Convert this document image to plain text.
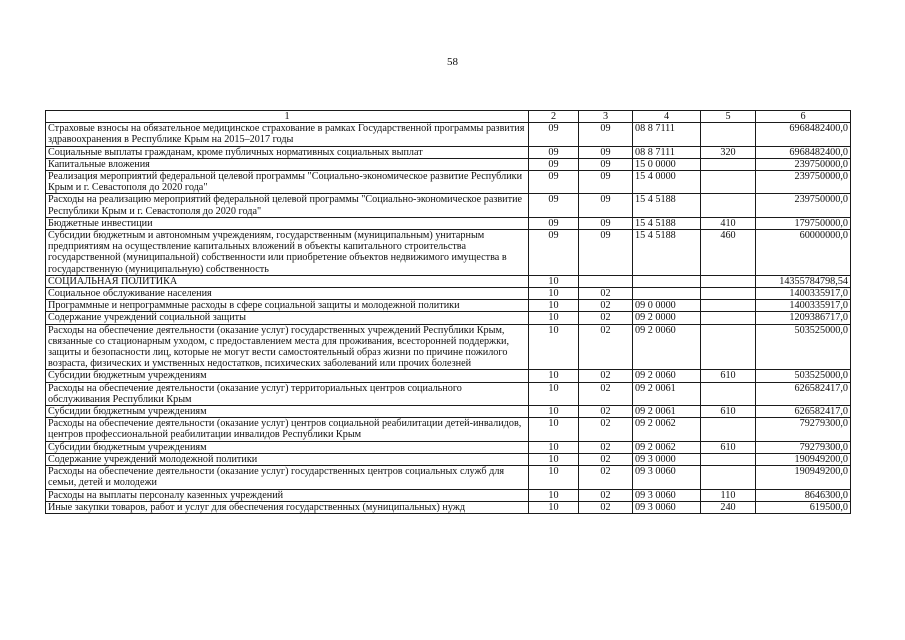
58
1	2	3	4	5	6
Страховые взносы на обязательное медицинское страхование в рамках Государственной программы развития здравоохранения в Республике Крым на 2015–2017 годы	09	09	08 8 7111		6968482400,0
Социальные выплаты гражданам, кроме публичных нормативных социальных выплат	09	09	08 8 7111	320	6968482400,0
Капитальные вложения	09	09	15 0 0000		239750000,0
Реализация мероприятий федеральной целевой программы "Социально-экономическое развитие Республики Крым и г. Севастополя до 2020 года"	09	09	15 4 0000		239750000,0
Расходы на реализацию мероприятий федеральной целевой программы "Социально-экономическое развитие Республики Крым и г. Севастополя до 2020 года"	09	09	15 4 5188		239750000,0
Бюджетные инвестиции	09	09	15 4 5188	410	179750000,0
Субсидии бюджетным и автономным учреждениям, государственным (муниципальным) унитарным предприятиям на осуществление капитальных вложений в объекты капитального строительства государственной (муниципальной) собственности или приобретение объектов недвижимого имущества в государственную (муниципальную) собственность	09	09	15 4 5188	460	60000000,0
СОЦИАЛЬНАЯ ПОЛИТИКА	10				14355784798,54
Социальное обслуживание населения	10	02			1400335917,0
Программные и непрограммные расходы в сфере социальной защиты и молодежной политики	10	02	09 0 0000		1400335917,0
Содержание учреждений социальной защиты	10	02	09 2 0000		1209386717,0
Расходы на обеспечение деятельности (оказание услуг) государственных учреждений Республики Крым, связанные со стационарным уходом, с предоставлением места для проживания, всесторонней поддержки, защиты и безопасности лиц, которые не могут вести самостоятельный образ жизни по причине пожилого возраста, физических и умственных недостатков, психических заболеваний или прочих болезней	10	02	09 2 0060		503525000,0
Субсидии бюджетным учреждениям	10	02	09 2 0060	610	503525000,0
Расходы на обеспечение деятельности (оказание услуг) территориальных центров социального обслуживания Республики Крым	10	02	09 2 0061		626582417,0
Субсидии бюджетным учреждениям	10	02	09 2 0061	610	626582417,0
Расходы на обеспечение деятельности (оказание услуг) центров социальной реабилитации детей-инвалидов, центров профессиональной реабилитации инвалидов Республики Крым	10	02	09 2 0062		79279300,0
Субсидии бюджетным учреждениям	10	02	09 2 0062	610	79279300,0
Содержание учреждений молодежной политики	10	02	09 3 0000		190949200,0
Расходы на обеспечение деятельности (оказание услуг) государственных центров социальных служб для семьи, детей и молодежи	10	02	09 3 0060		190949200,0
Расходы на выплаты персоналу казенных учреждений	10	02	09 3 0060	110	8646300,0
Иные закупки товаров, работ и услуг для обеспечения государственных (муниципальных) нужд	10	02	09 3 0060	240	619500,0
